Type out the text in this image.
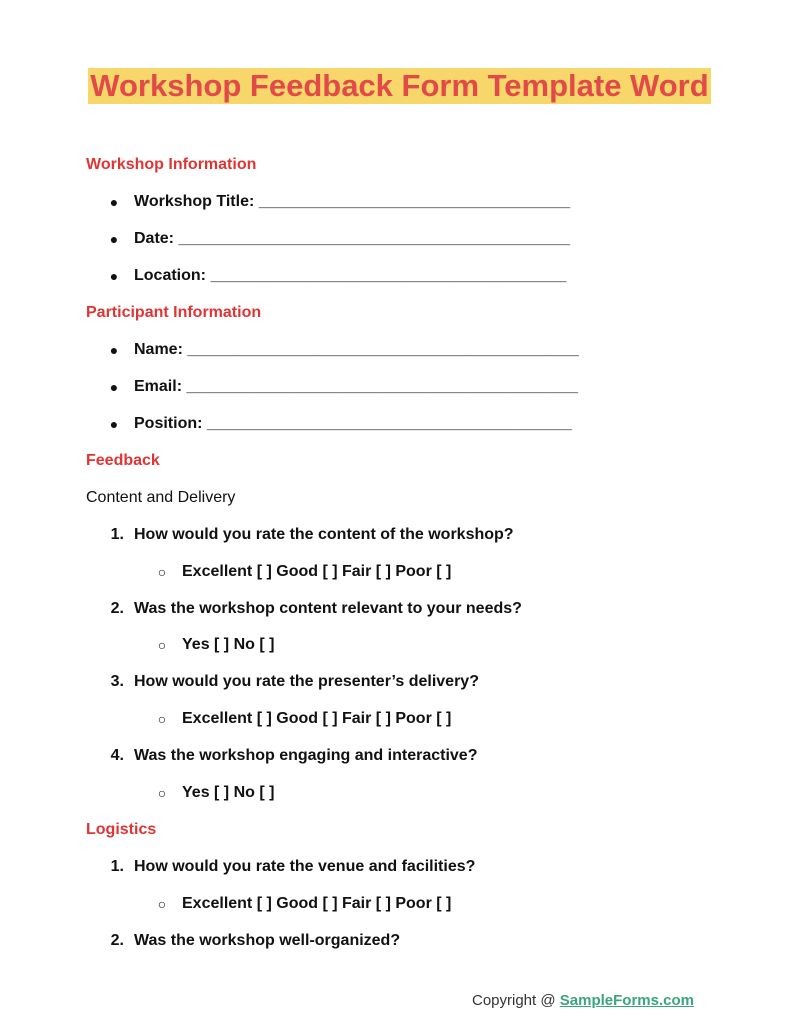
Workshop Feedback Form Template Word
Workshop Information
● Workshop Title: ___________________________________
● Date: ____________________________________________
● Location: ________________________________________
Participant Information
● Name: ____________________________________________
● Email: ____________________________________________
● Position: _________________________________________
Feedback
Content and Delivery
1. How would you rate the content of the workshop?
○ Excellent [ ] Good [ ] Fair [ ] Poor [ ]
2. Was the workshop content relevant to your needs?
○ Yes [ ] No [ ]
3. How would you rate the presenter’s delivery?
○ Excellent [ ] Good [ ] Fair [ ] Poor [ ]
4. Was the workshop engaging and interactive?
○ Yes [ ] No [ ]
Logistics
1. How would you rate the venue and facilities?
○ Excellent [ ] Good [ ] Fair [ ] Poor [ ]
2. Was the workshop well-organized?
Copyright @ SampleForms.com
